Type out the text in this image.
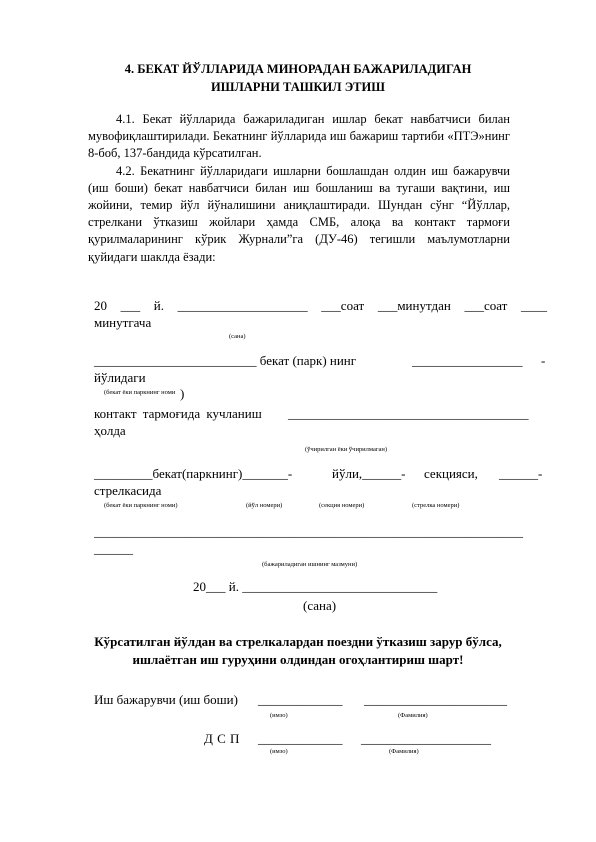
4. БЕКАТ ЙЎЛЛАРИДА МИНОРАДАН БАЖАРИЛАДИГАН
ИШЛАРНИ ТАШКИЛ ЭТИШ
4.1. Бекат йўлларида бажариладиган ишлар бекат навбатчиси билан
мувофиқлаштирилади. Бекатнинг йўлларида иш бажариш тартиби «ПТЭ»нинг
8-боб, 137-бандида кўрсатилган.
4.2. Бекатнинг йўлларидаги ишларни бошлашдан олдин иш бажарувчи
(иш боши) бекат навбатчиси билан иш бошланиш ва тугаши вақтини, иш
жойини, темир йўл йўналишини аниқлаштиради. Шундан сўнг “Йўллар,
стрелкани ўтказиш жойлари ҳамда СМБ, алоқа ва контакт тармоғи
қурилмаларининг кўрик Журнали”га (ДУ-46) тегишли маълумотларни
қуйидаги шаклда ёзади:
20 ___ й. ____________________ ___соат ___минутдан ___соат ____
минутгача
(сана)
_________________________ бекат (парк) нинг	_________________ -
йўлидаги
(бекат ёки паркнинг номи )
контакт тармоғида кучланиш _____________________________________
ҳолда
(ўчирилган ёки ўчирилмаган)
_________бекат(паркнинг)_______-	йўли,______- секцияси, ______-
стрелкасида
(бекат ёки паркнинг номи)	(йўл номери)	(секция номери)	(стрелка номери)
__________________________________________________________________
______
(бажариладиган ишнинг мазмуни)
20___ й. ______________________________
(сана)
Кўрсатилган йўлдан ва стрелкалардан поездни ўтказиш зарур бўлса,
ишлаётган иш гуруҳини олдиндан огоҳлантириш шарт!
Иш бажарувчи (иш боши) _____________ ______________________
(имзо)	(Фамилия)
Д С П _____________ ____________________
(имзо)	(Фамилия)
